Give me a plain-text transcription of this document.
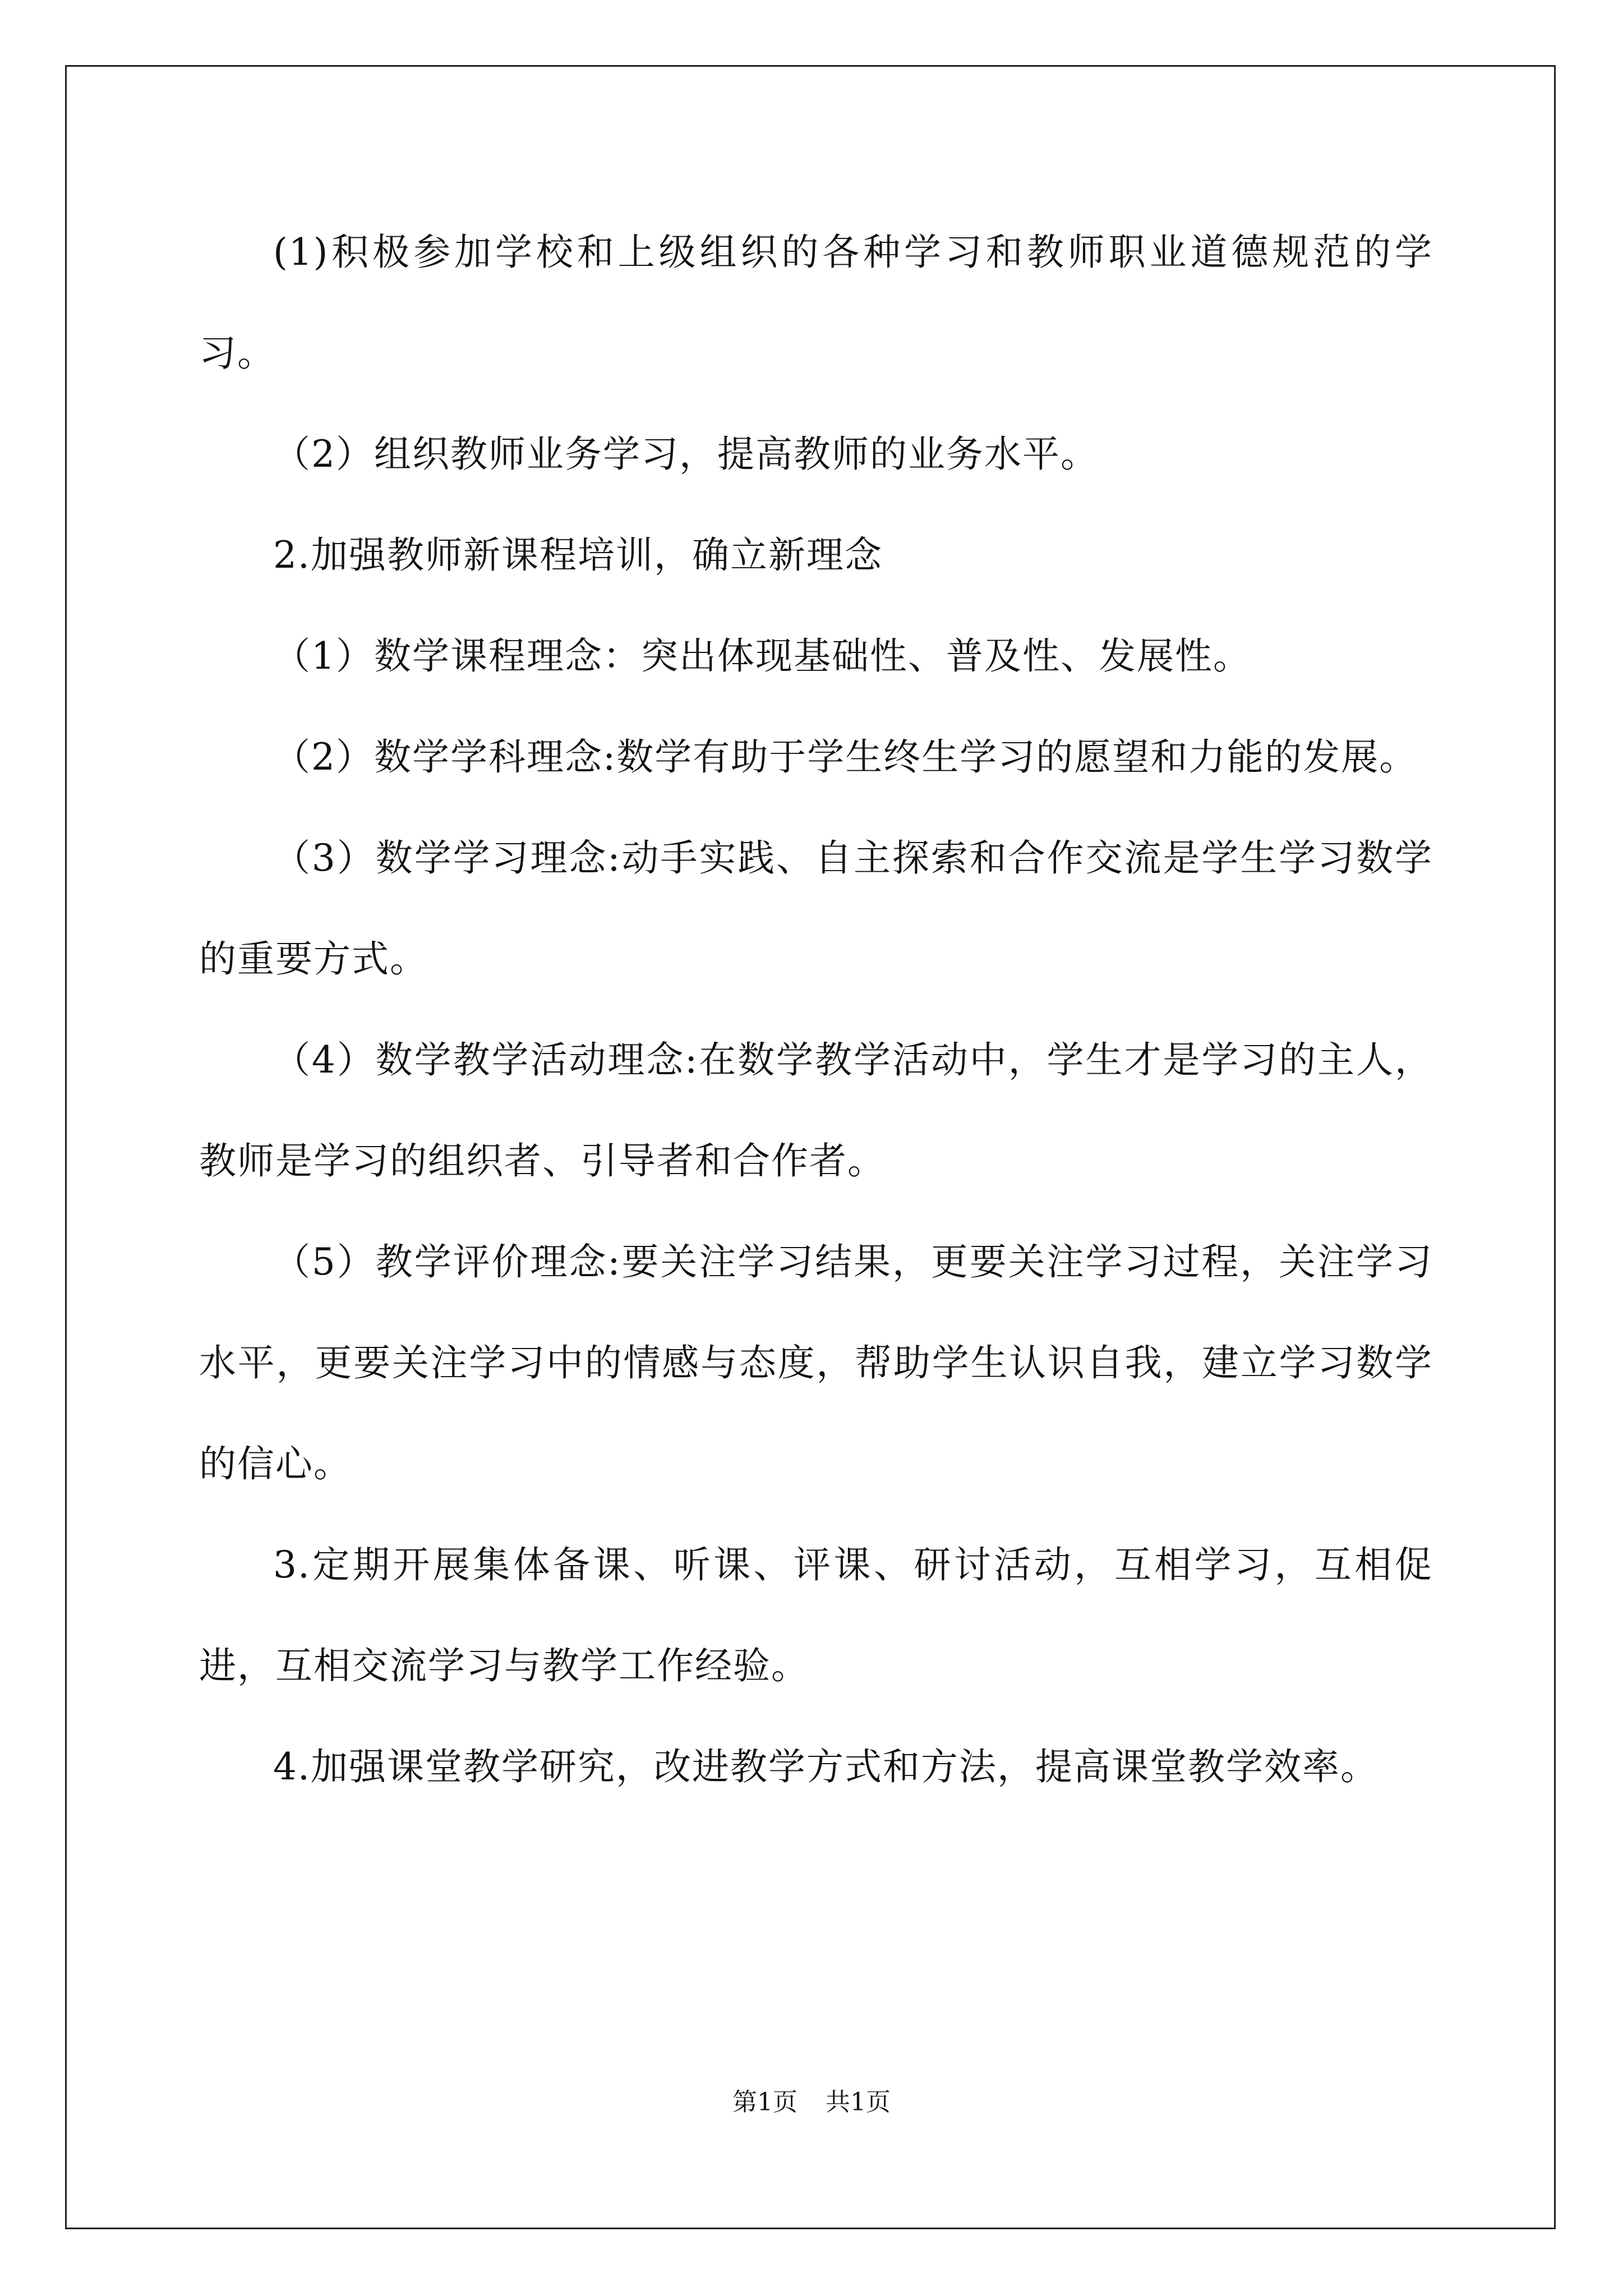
(1)积极参加学校和上级组织的各种学习和教师职业道德规范的学习。

（2）组织教师业务学习，提高教师的业务水平。

2.加强教师新课程培训，确立新理念

（1）数学课程理念：突出体现基础性、普及性、发展性。

（2）数学学科理念:数学有助于学生终生学习的愿望和力能的发展。

（3）数学学习理念:动手实践、自主探索和合作交流是学生学习数学的重要方式。

（4）数学教学活动理念:在数学教学活动中，学生才是学习的主人，教师是学习的组织者、引导者和合作者。

（5）教学评价理念:要关注学习结果，更要关注学习过程，关注学习水平，更要关注学习中的情感与态度，帮助学生认识自我，建立学习数学的信心。

3.定期开展集体备课、听课、评课、研讨活动，互相学习，互相促进，互相交流学习与教学工作经验。

4.加强课堂教学研究，改进教学方式和方法，提高课堂教学效率。

第1页 共1页
